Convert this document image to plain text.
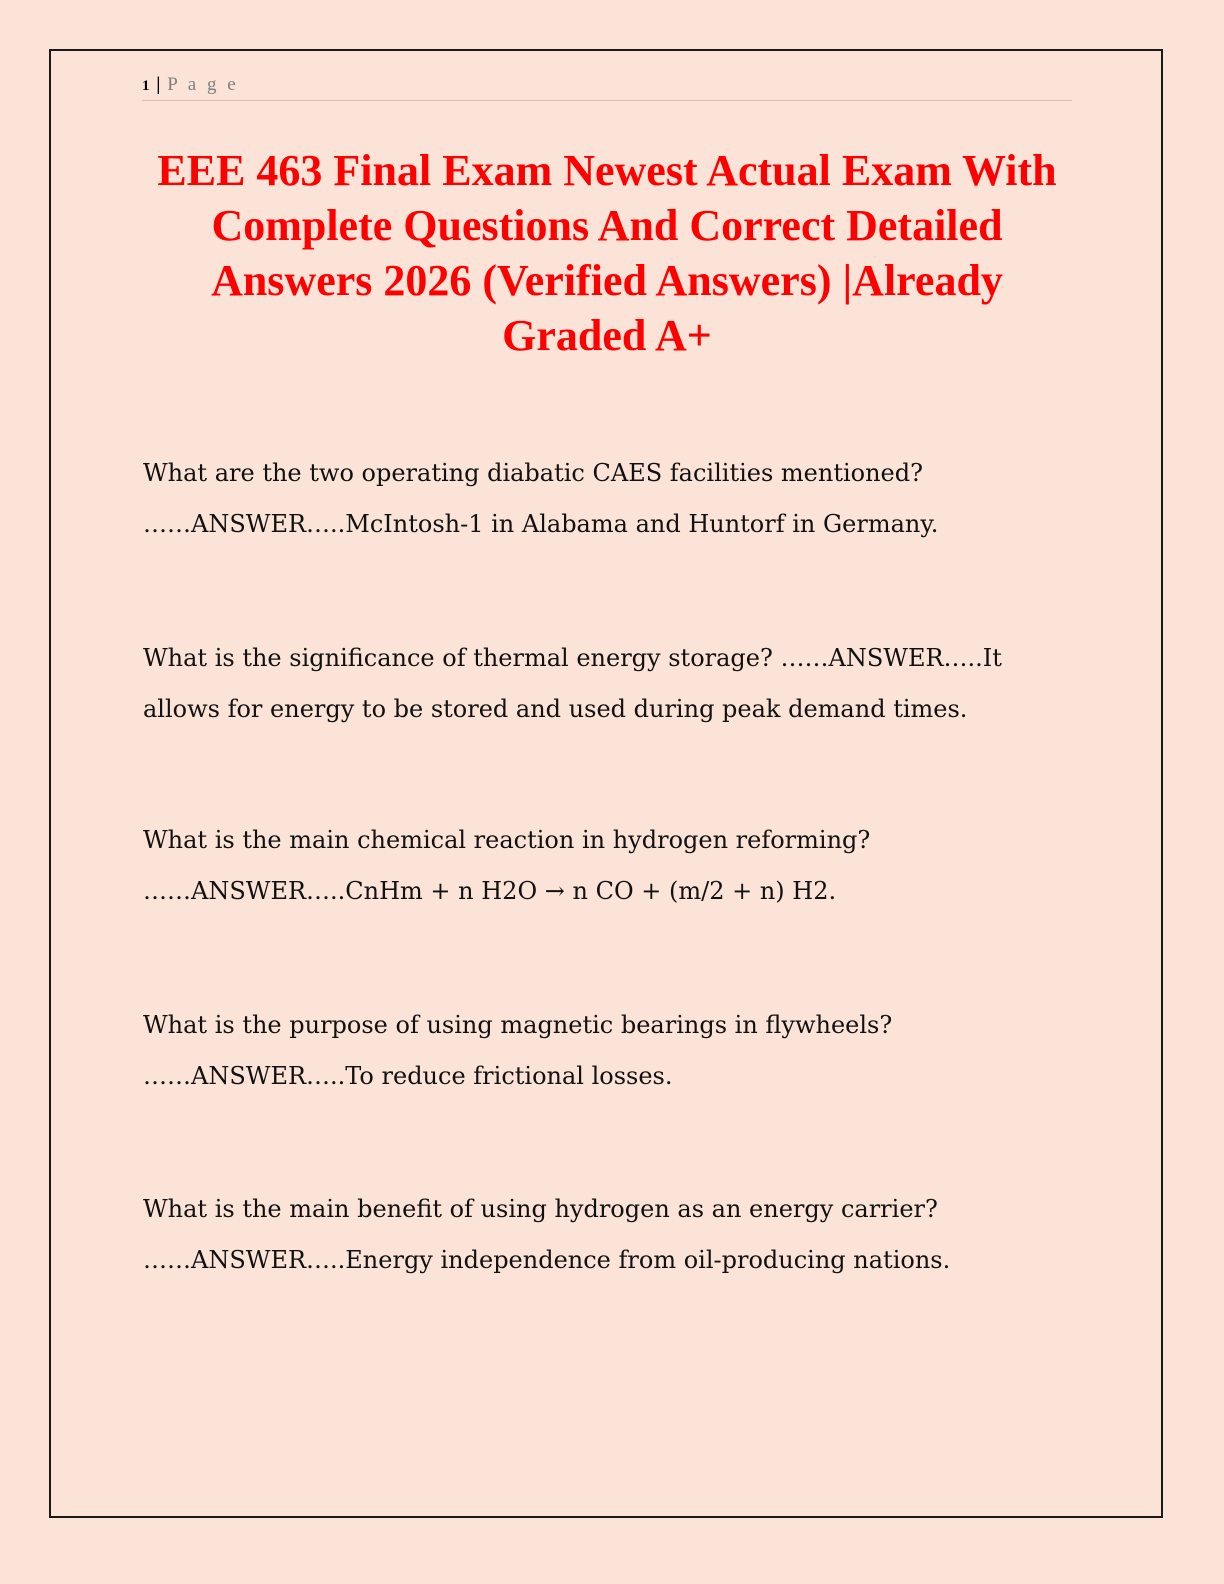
1 | P a g e
EEE 463 Final Exam Newest Actual Exam With Complete Questions And Correct Detailed Answers 2026 (Verified Answers) |Already Graded A+

What are the two operating diabatic CAES facilities mentioned?
……ANSWER…..McIntosh-1 in Alabama and Huntorf in Germany.

What is the significance of thermal energy storage? ……ANSWER…..It allows for energy to be stored and used during peak demand times.

What is the main chemical reaction in hydrogen reforming?
……ANSWER…..CnHm + n H2O → n CO + (m/2 + n) H2.

What is the purpose of using magnetic bearings in flywheels?
……ANSWER…..To reduce frictional losses.

What is the main benefit of using hydrogen as an energy carrier?
……ANSWER…..Energy independence from oil-producing nations.
